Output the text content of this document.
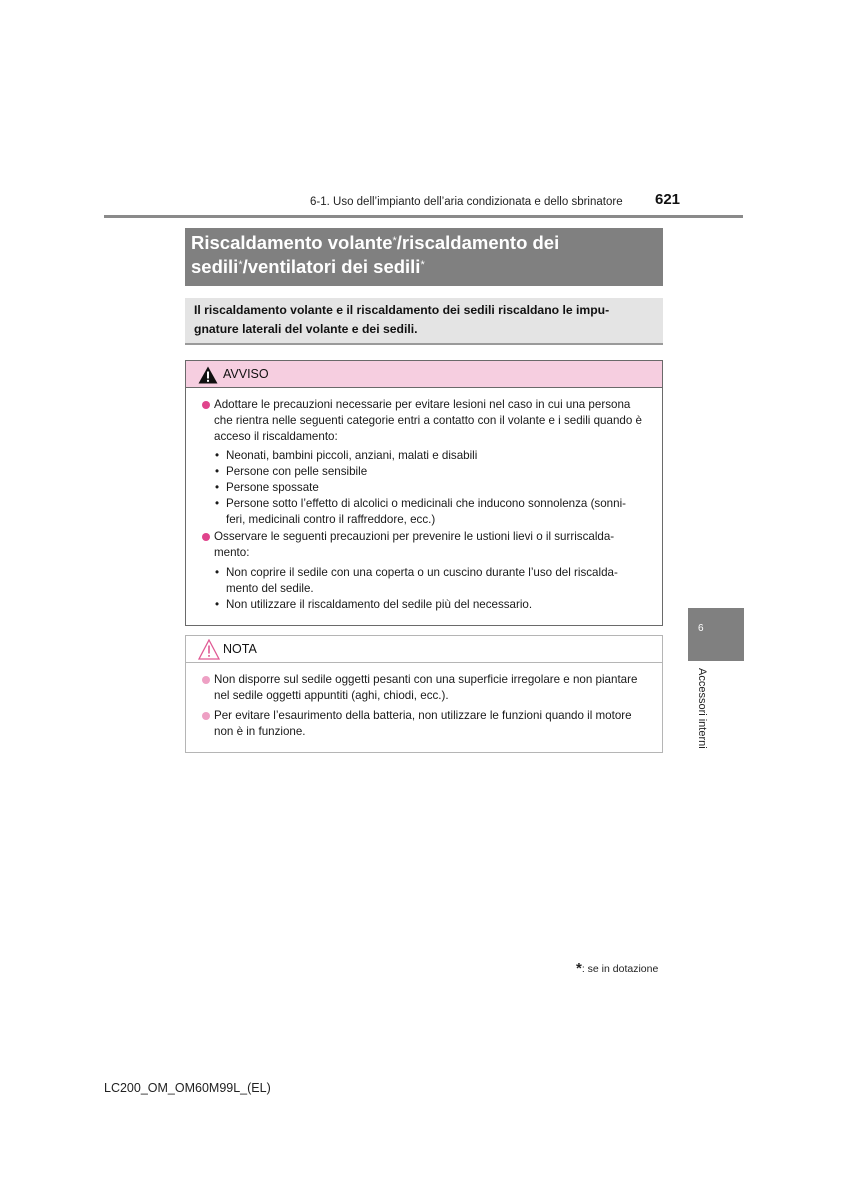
6-1. Uso dell’impianto dell’aria condizionata e dello sbrinatore 621
Riscaldamento volante*/riscaldamento dei
sedili*/ventilatori dei sedili*
Il riscaldamento volante e il riscaldamento dei sedili riscaldano le impu-
gnature laterali del volante e dei sedili.
AVVISO
Adottare le precauzioni necessarie per evitare lesioni nel caso in cui una persona
che rientra nelle seguenti categorie entri a contatto con il volante e i sedili quando è
acceso il riscaldamento:
• Neonati, bambini piccoli, anziani, malati e disabili
• Persone con pelle sensibile
• Persone spossate
• Persone sotto l’effetto di alcolici o medicinali che inducono sonnolenza (sonni-
feri, medicinali contro il raffreddore, ecc.)
Osservare le seguenti precauzioni per prevenire le ustioni lievi o il surriscalda-
mento:
• Non coprire il sedile con una coperta o un cuscino durante l’uso del riscalda-
mento del sedile.
• Non utilizzare il riscaldamento del sedile più del necessario.
NOTA
Non disporre sul sedile oggetti pesanti con una superficie irregolare e non piantare
nel sedile oggetti appuntiti (aghi, chiodi, ecc.).
Per evitare l’esaurimento della batteria, non utilizzare le funzioni quando il motore
non è in funzione.
6
Accessori interni
*: se in dotazione
LC200_OM_OM60M99L_(EL)
